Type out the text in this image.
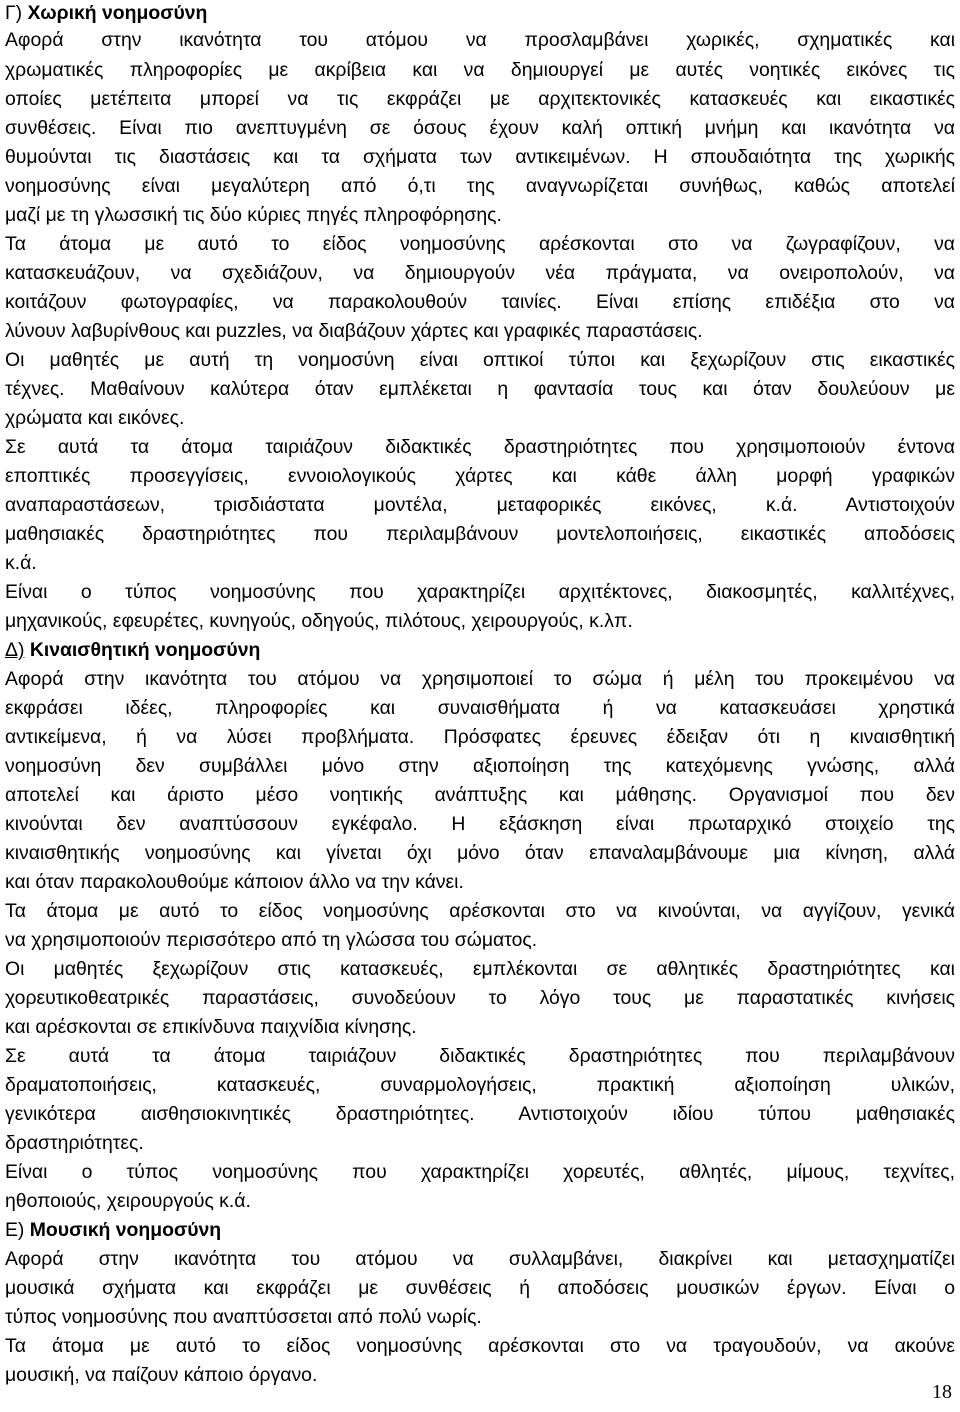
Γ) Χωρική νοημοσύνη
Αφορά στην ικανότητα του ατόμου να προσλαμβάνει χωρικές, σχηματικές και
χρωματικές πληροφορίες με ακρίβεια και να δημιουργεί με αυτές νοητικές εικόνες τις
οποίες μετέπειτα μπορεί να τις εκφράζει με αρχιτεκτονικές κατασκευές και εικαστικές
συνθέσεις. Είναι πιο ανεπτυγμένη σε όσους έχουν καλή οπτική μνήμη και ικανότητα να
θυμούνται τις διαστάσεις και τα σχήματα των αντικειμένων. Η σπουδαιότητα της χωρικής
νοημοσύνης είναι μεγαλύτερη από ό,τι της αναγνωρίζεται συνήθως, καθώς αποτελεί
μαζί με τη γλωσσική τις δύο κύριες πηγές πληροφόρησης.
Τα άτομα με αυτό το είδος νοημοσύνης αρέσκονται στο να ζωγραφίζουν, να
κατασκευάζουν, να σχεδιάζουν, να δημιουργούν νέα πράγματα, να ονειροπολούν, να
κοιτάζουν φωτογραφίες, να παρακολουθούν ταινίες. Είναι επίσης επιδέξια στο να
λύνουν λαβυρίνθους και puzzles, να διαβάζουν χάρτες και γραφικές παραστάσεις.
Οι μαθητές με αυτή τη νοημοσύνη είναι οπτικοί τύποι και ξεχωρίζουν στις εικαστικές
τέχνες. Μαθαίνουν καλύτερα όταν εμπλέκεται η φαντασία τους και όταν δουλεύουν με
χρώματα και εικόνες.
Σε αυτά τα άτομα ταιριάζουν διδακτικές δραστηριότητες που χρησιμοποιούν έντονα
εποπτικές προσεγγίσεις, εννοιολογικούς χάρτες και κάθε άλλη μορφή γραφικών
αναπαραστάσεων, τρισδιάστατα μοντέλα, μεταφορικές εικόνες, κ.ά. Αντιστοιχούν
μαθησιακές δραστηριότητες που περιλαμβάνουν μοντελοποιήσεις, εικαστικές αποδόσεις
κ.ά.
Είναι ο τύπος νοημοσύνης που χαρακτηρίζει αρχιτέκτονες, διακοσμητές, καλλιτέχνες,
μηχανικούς, εφευρέτες, κυνηγούς, οδηγούς, πιλότους, χειρουργούς, κ.λπ.
Δ) Κιναισθητική νοημοσύνη
Αφορά στην ικανότητα του ατόμου να χρησιμοποιεί το σώμα ή μέλη του προκειμένου να
εκφράσει ιδέες, πληροφορίες και συναισθήματα ή να κατασκευάσει χρηστικά
αντικείμενα, ή να λύσει προβλήματα. Πρόσφατες έρευνες έδειξαν ότι η κιναισθητική
νοημοσύνη δεν συμβάλλει μόνο στην αξιοποίηση της κατεχόμενης γνώσης, αλλά
αποτελεί και άριστο μέσο νοητικής ανάπτυξης και μάθησης. Οργανισμοί που δεν
κινούνται δεν αναπτύσσουν εγκέφαλο. Η εξάσκηση είναι πρωταρχικό στοιχείο της
κιναισθητικής νοημοσύνης και γίνεται όχι μόνο όταν επαναλαμβάνουμε μια κίνηση, αλλά
και όταν παρακολουθούμε κάποιον άλλο να την κάνει.
Τα άτομα με αυτό το είδος νοημοσύνης αρέσκονται στο να κινούνται, να αγγίζουν, γενικά
να χρησιμοποιούν περισσότερο από τη γλώσσα του σώματος.
Οι μαθητές ξεχωρίζουν στις κατασκευές, εμπλέκονται σε αθλητικές δραστηριότητες και
χορευτικοθεατρικές παραστάσεις, συνοδεύουν το λόγο τους με παραστατικές κινήσεις
και αρέσκονται σε επικίνδυνα παιχνίδια κίνησης.
Σε αυτά τα άτομα ταιριάζουν διδακτικές δραστηριότητες που περιλαμβάνουν
δραματοποιήσεις, κατασκευές, συναρμολογήσεις, πρακτική αξιοποίηση υλικών,
γενικότερα αισθησιοκινητικές δραστηριότητες. Αντιστοιχούν ιδίου τύπου μαθησιακές
δραστηριότητες.
Είναι ο τύπος νοημοσύνης που χαρακτηρίζει χορευτές, αθλητές, μίμους, τεχνίτες,
ηθοποιούς, χειρουργούς κ.ά.
Ε) Μουσική νοημοσύνη
Αφορά στην ικανότητα του ατόμου να συλλαμβάνει, διακρίνει και μετασχηματίζει
μουσικά σχήματα και εκφράζει με συνθέσεις ή αποδόσεις μουσικών έργων. Είναι ο
τύπος νοημοσύνης που αναπτύσσεται από πολύ νωρίς.
Τα άτομα με αυτό το είδος νοημοσύνης αρέσκονται στο να τραγουδούν, να ακούνε
μουσική, να παίζουν κάποιο όργανο.
18
